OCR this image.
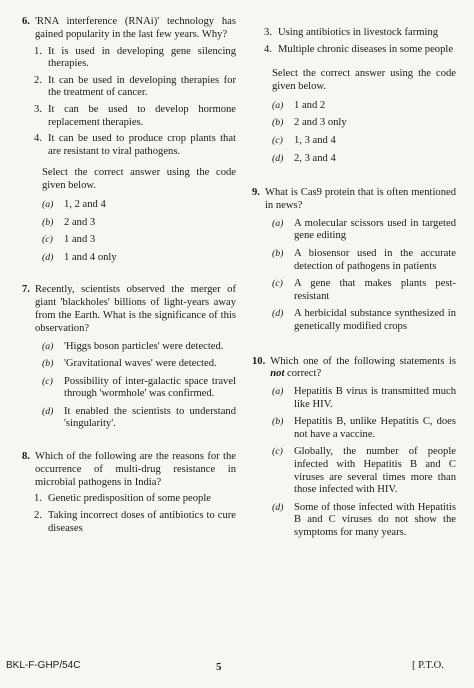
6. 'RNA interference (RNAi)' technology has gained popularity in the last few years. Why?
1. It is used in developing gene silencing therapies.
2. It can be used in developing therapies for the treatment of cancer.
3. It can be used to develop hormone replacement therapies.
4. It can be used to produce crop plants that are resistant to viral pathogens.
Select the correct answer using the code given below.
(a) 1, 2 and 4
(b) 2 and 3
(c)	1 and 3
(d) 1 and 4 only
7. Recently, scientists observed the merger of giant 'blackholes' billions of light-years away from the Earth. What is the significance of this observation?
(a) 'Higgs boson particles' were detected.
(b) 'Gravitational waves' were detected.
(c)	Possibility of inter-galactic space travel through 'wormhole' was confirmed.
(d) It enabled the scientists to understand 'singularity'.
8. Which of the following are the reasons for the occurrence of multi-drug resistance in microbial pathogens in India?
1. Genetic predisposition of some people
2. Taking incorrect doses of antibiotics to cure diseases
3. Using antibiotics in livestock farming
4. Multiple chronic diseases in some people
Select the correct answer using the code given below.
(a) 1 and 2
(b) 2 and 3 only
(c)	1, 3 and 4
(d) 2, 3 and 4
9. What is Cas9 protein that is often mentioned in news?
(a) A molecular scissors used in targeted gene editing
(b) A biosensor used in the accurate detection of pathogens in patients
(c)	A gene that makes plants pest-resistant
(d) A herbicidal substance synthesized in genetically modified crops
10. Which one of the following statements is not correct?
(a) Hepatitis B virus is transmitted much like HIV.
(b) Hepatitis B, unlike Hepatitis C, does not have a vaccine.
(c)	Globally, the number of people infected with Hepatitis B and C viruses are several times more than those infected with HIV.
(d) Some of those infected with Hepatitis B and C viruses do not show the symptoms for many years.
BKL-F-GHP/54C	5	[ P.T.O.
